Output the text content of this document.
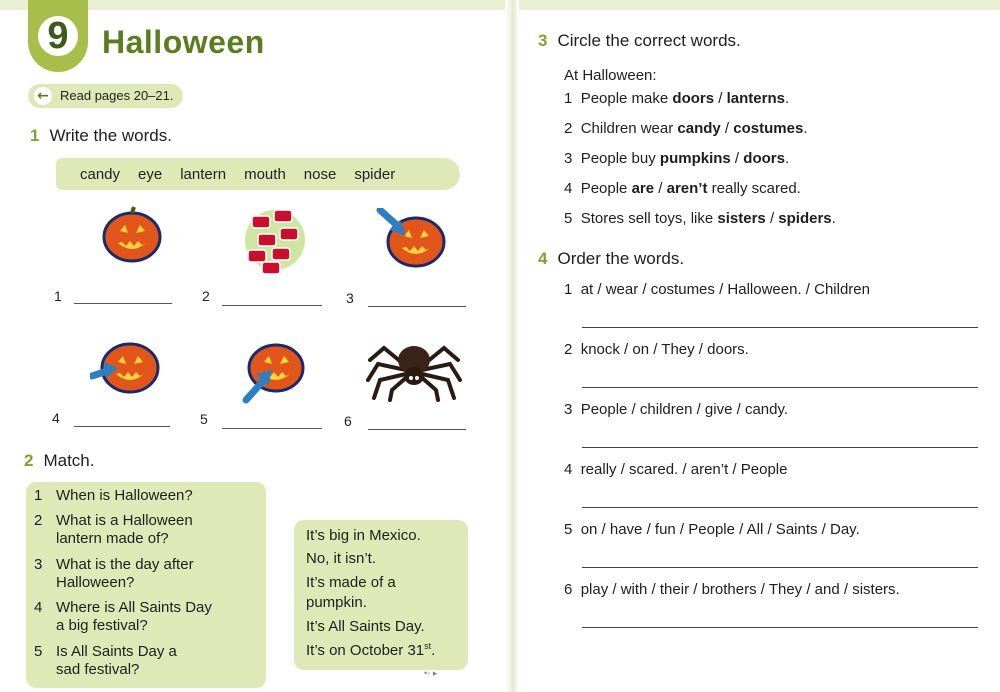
9	Halloween
← Read pages 20–21.
1 Write the words.
candy eye lantern mouth nose spider
1	2	3
4	5	6
2 Match.
1 When is Halloween?
2 What is a Halloween
lantern made of?
3 What is the day after
Halloween?
4 Where is All Saints Day
a big festival?
5 Is All Saints Day a
sad festival?
It’s big in Mexico.
No, it isn’t.
It’s made of a
pumpkin.
It’s All Saints Day.
It’s on October 31st.
•◦ ▸
3 Circle the correct words.
At Halloween:
1 People make doors / lanterns.
2 Children wear candy / costumes.
3 People buy pumpkins / doors.
4 People are / aren’t really scared.
5 Stores sell toys, like sisters / spiders.
4 Order the words.
1 at / wear / costumes / Halloween. / Children
2 knock / on / They / doors.
3 People / children / give / candy.
4 really / scared. / aren’t / People
5 on / have / fun / People / All / Saints / Day.
6 play / with / their / brothers / They / and / sisters.
